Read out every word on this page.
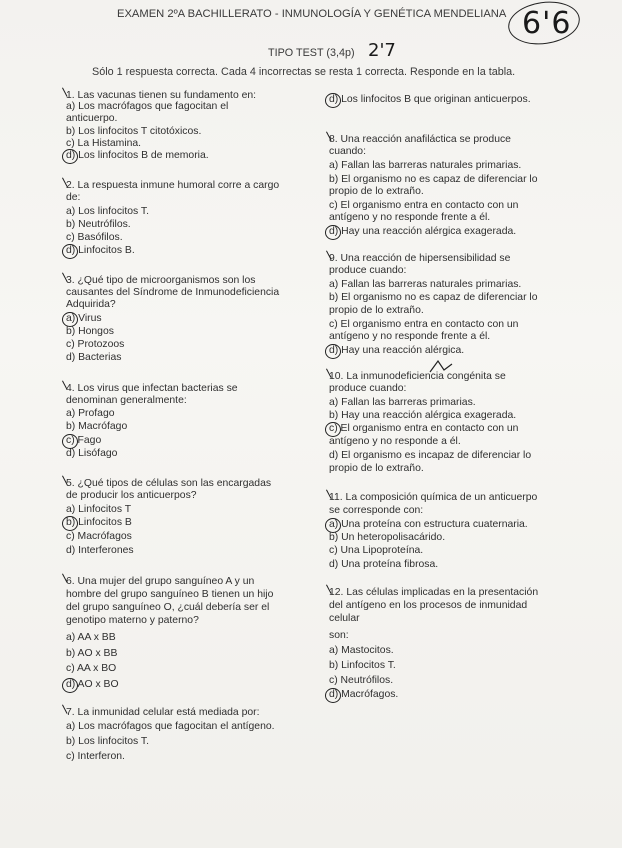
EXAMEN 2ºA BACHILLERATO - INMUNOLOGÍA Y GENÉTICA MENDELIANA 6'6
TIPO TEST (3,4p) 2'7
Sólo 1 respuesta correcta. Cada 4 incorrectas se resta 1 correcta. Responde en la tabla.
1. Las vacunas tienen su fundamento en:
a) Los macrófagos que fagocitan el
anticuerpo.
b) Los linfocitos T citotóxicos.
c) La Histamina.
d) Los linfocitos B de memoria.
2. La respuesta inmune humoral corre a cargo
de:
a) Los linfocitos T.
b) Neutrófilos.
c) Basófilos.
d) Linfocitos B.
3. ¿Qué tipo de microorganismos son los
causantes del Síndrome de Inmunodeficiencia
Adquirida?
a) Virus
b) Hongos
c) Protozoos
d) Bacterias
4. Los virus que infectan bacterias se
denominan generalmente:
a) Profago
b) Macrófago
c) Fago
d) Lisófago
5. ¿Qué tipos de células son las encargadas
de producir los anticuerpos?
a) Linfocitos T
b) Linfocitos B
c) Macrófagos
d) Interferones
6. Una mujer del grupo sanguíneo A y un
hombre del grupo sanguíneo B tienen un hijo
del grupo sanguíneo O, ¿cuál debería ser el
genotipo materno y paterno?
a) AA x BB
b) AO x BB
c) AA x BO
d) AO x BO
7. La inmunidad celular está mediada por:
a) Los macrófagos que fagocitan el antígeno.
b) Los linfocitos T.
c) Interferon.
d) Los linfocitos B que originan anticuerpos.
8. Una reacción anafiláctica se produce
cuando:
a) Fallan las barreras naturales primarias.
b) El organismo no es capaz de diferenciar lo
propio de lo extraño.
c) El organismo entra en contacto con un
antígeno y no responde frente a él.
d) Hay una reacción alérgica exagerada.
9. Una reacción de hipersensibilidad se
produce cuando:
a) Fallan las barreras naturales primarias.
b) El organismo no es capaz de diferenciar lo
propio de lo extraño.
c) El organismo entra en contacto con un
antígeno y no responde frente a él.
d) Hay una reacción alérgica.
10. La inmunodeficiencia congénita se
produce cuando:
a) Fallan las barreras primarias.
b) Hay una reacción alérgica exagerada.
c) El organismo entra en contacto con un
antígeno y no responde a él.
d) El organismo es incapaz de diferenciar lo
propio de lo extraño.
11. La composición química de un anticuerpo
se corresponde con:
a) Una proteína con estructura cuaternaria.
b) Un heteropolisacárido.
c) Una Lipoproteína.
d) Una proteína fibrosa.
12. Las células implicadas en la presentación
del antígeno en los procesos de inmunidad
celular
son:
a) Mastocitos.
b) Linfocitos T.
c) Neutrófilos.
d) Macrófagos.
